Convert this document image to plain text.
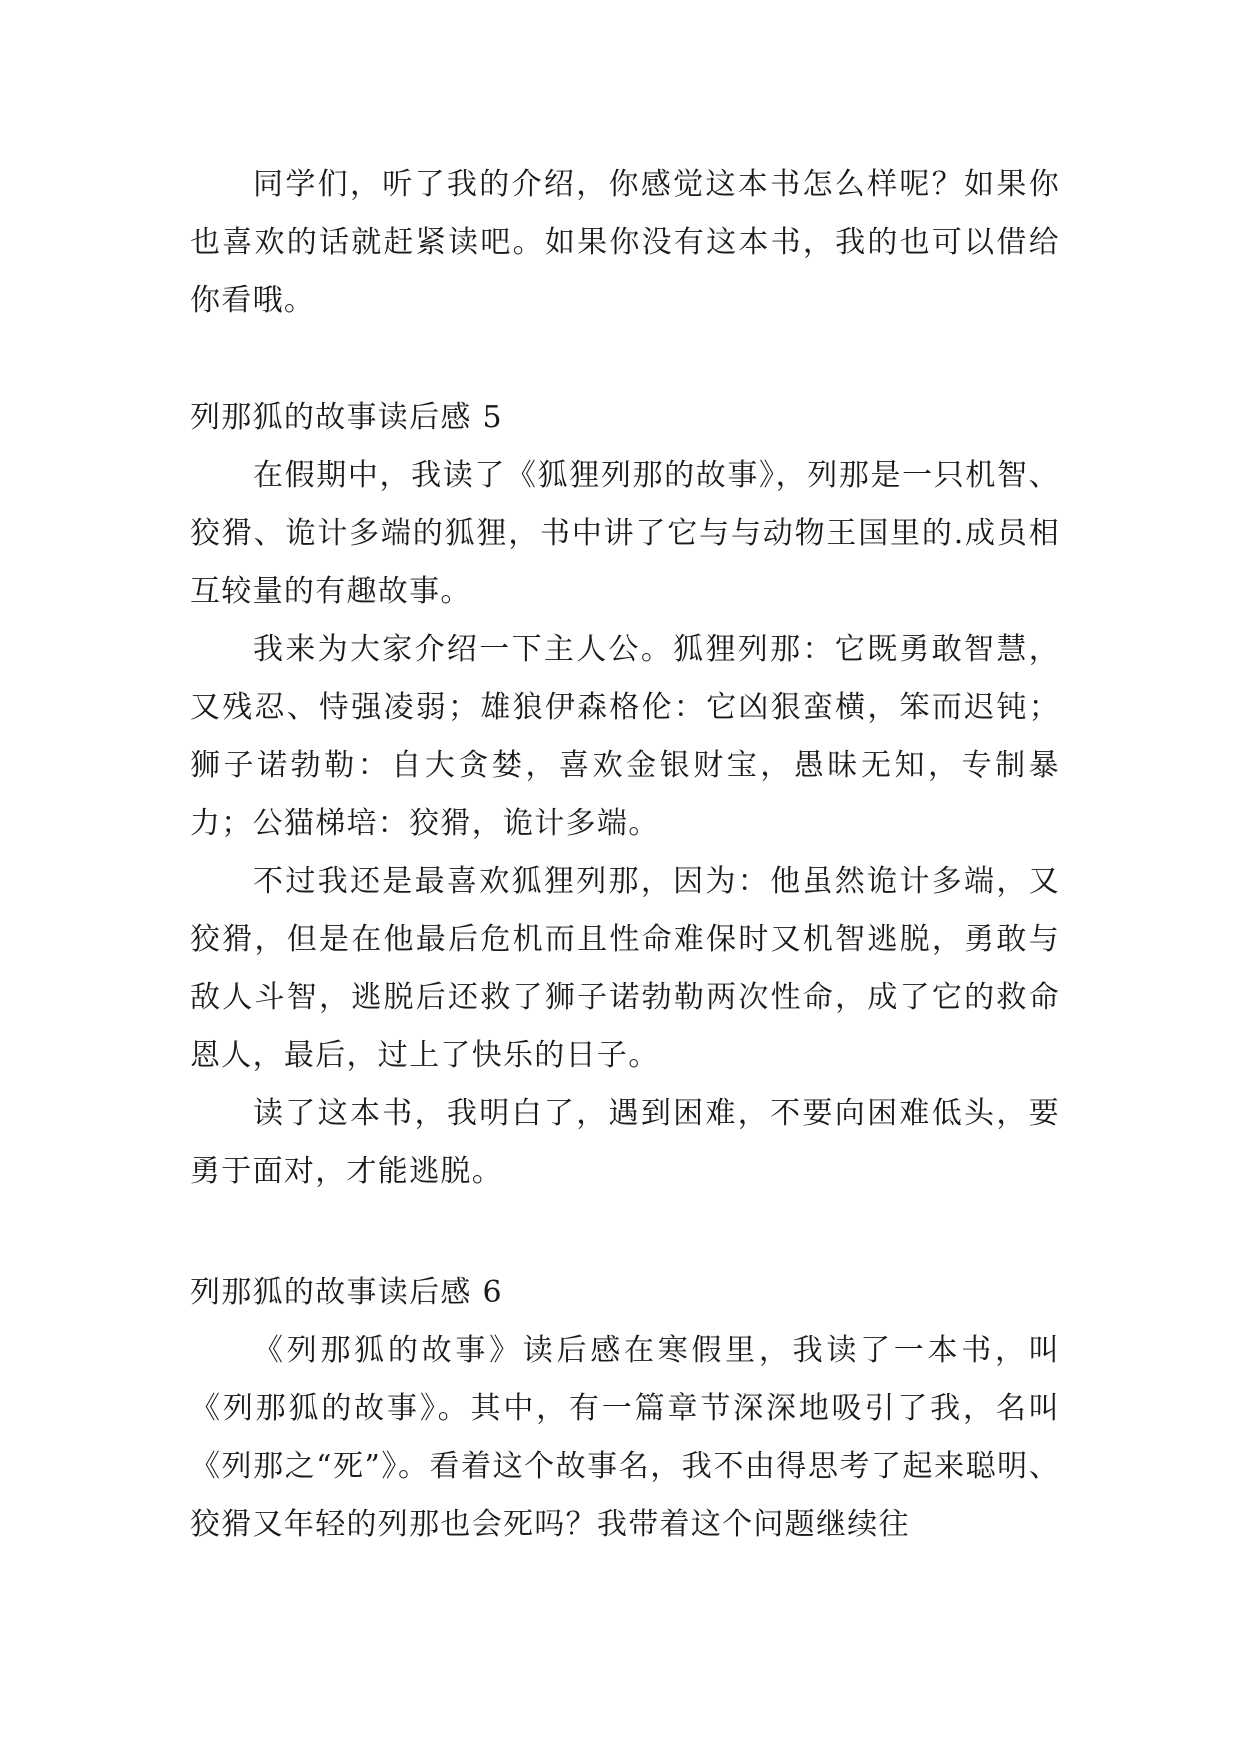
同学们，听了我的介绍，你感觉这本书怎么样呢？如果你也喜欢的话就赶紧读吧。如果你没有这本书，我的也可以借给你看哦。

列那狐的故事读后感 5

在假期中，我读了《狐狸列那的故事》，列那是一只机智、狡猾、诡计多端的狐狸，书中讲了它与与动物王国里的.成员相互较量的有趣故事。

我来为大家介绍一下主人公。狐狸列那：它既勇敢智慧，又残忍、恃强凌弱；雄狼伊森格伦：它凶狠蛮横，笨而迟钝；狮子诺勃勒：自大贪婪，喜欢金银财宝，愚昧无知，专制暴力；公猫梯培：狡猾，诡计多端。

不过我还是最喜欢狐狸列那，因为：他虽然诡计多端，又狡猾，但是在他最后危机而且性命难保时又机智逃脱，勇敢与敌人斗智，逃脱后还救了狮子诺勃勒两次性命，成了它的救命恩人，最后，过上了快乐的日子。

读了这本书，我明白了，遇到困难，不要向困难低头，要勇于面对，才能逃脱。

列那狐的故事读后感 6

《列那狐的故事》读后感在寒假里，我读了一本书，叫《列那狐的故事》。其中，有一篇章节深深地吸引了我，名叫《列那之“死”》。看着这个故事名，我不由得思考了起来聪明、狡猾又年轻的列那也会死吗？我带着这个问题继续往
